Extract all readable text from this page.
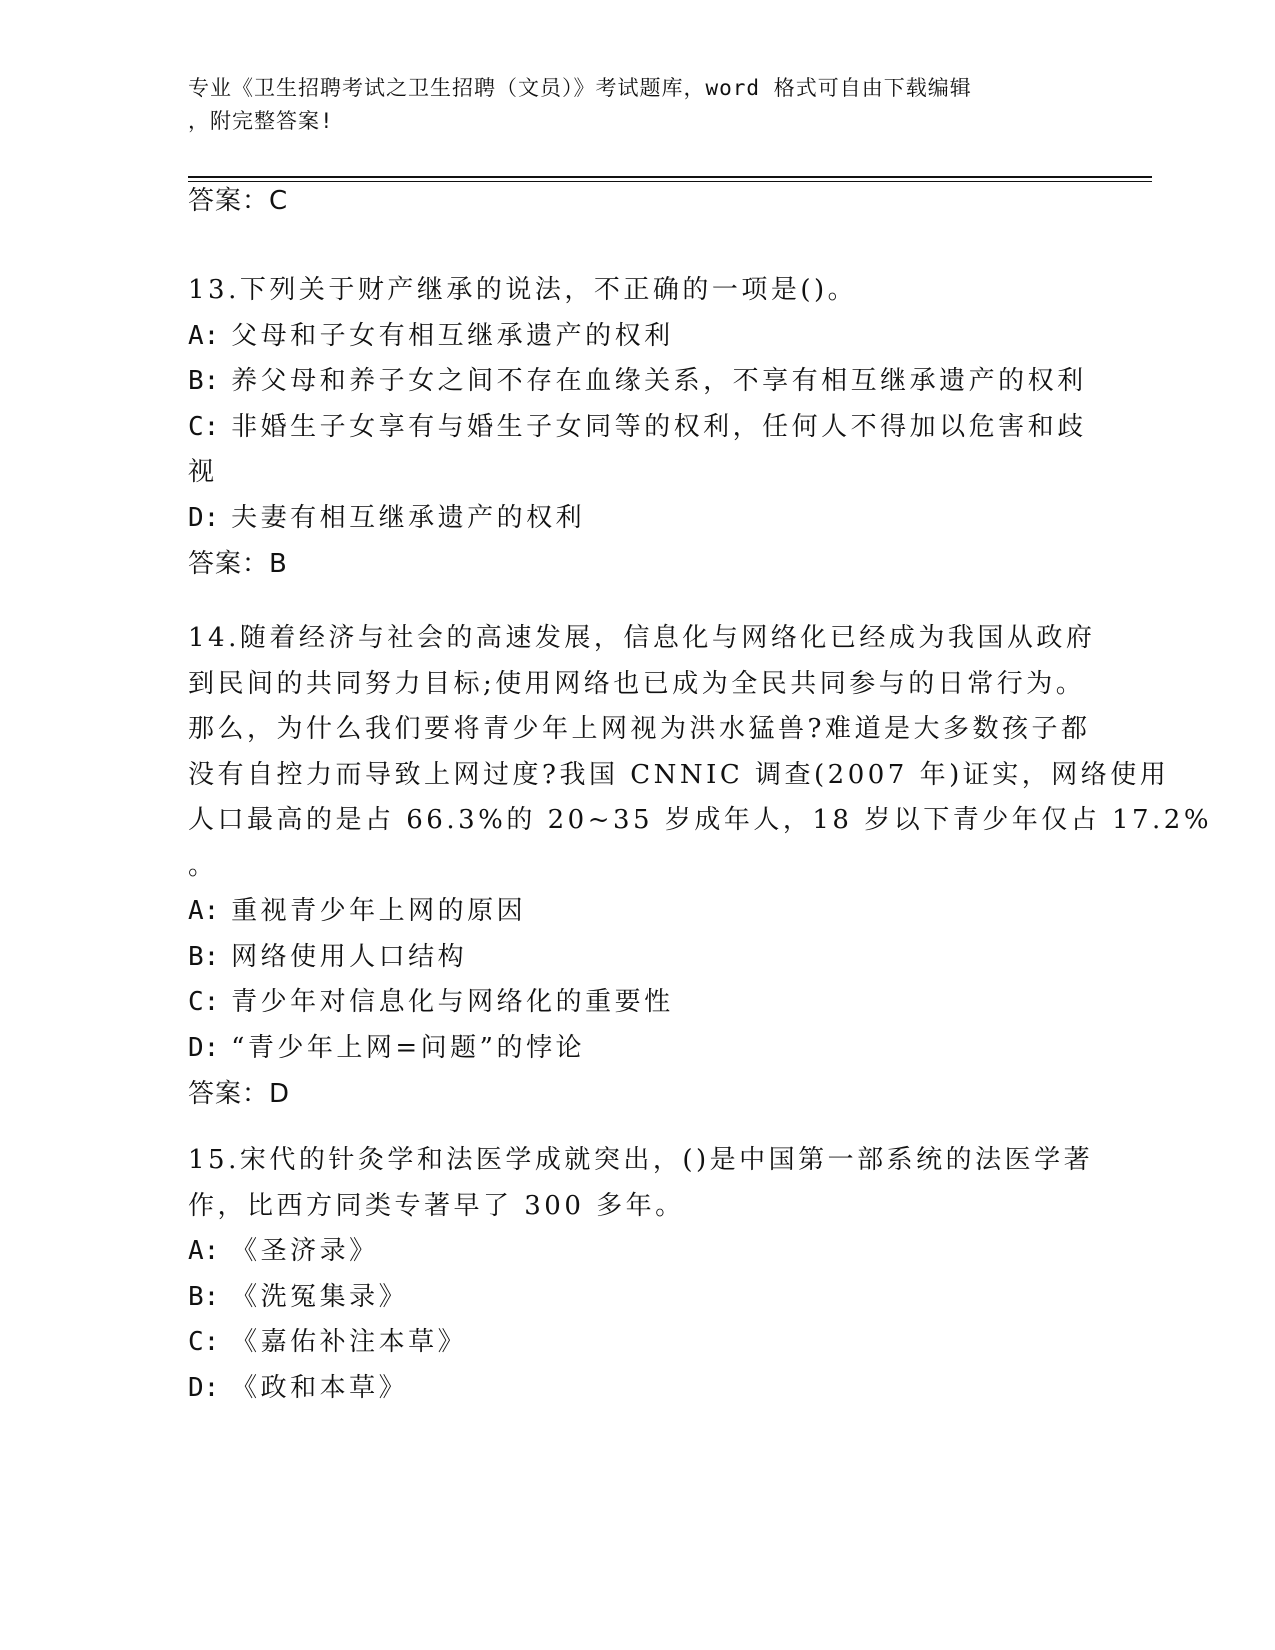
专业《卫生招聘考试之卫生招聘（文员）》考试题库，word 格式可自由下载编辑
，附完整答案!
答案：C
13.下列关于财产继承的说法，不正确的一项是()。
A: 父母和子女有相互继承遗产的权利
B: 养父母和养子女之间不存在血缘关系，不享有相互继承遗产的权利
C: 非婚生子女享有与婚生子女同等的权利，任何人不得加以危害和歧
视
D: 夫妻有相互继承遗产的权利
答案：B
14.随着经济与社会的高速发展，信息化与网络化已经成为我国从政府
到民间的共同努力目标;使用网络也已成为全民共同参与的日常行为。
那么，为什么我们要将青少年上网视为洪水猛兽?难道是大多数孩子都
没有自控力而导致上网过度?我国 CNNIC 调查(2007 年)证实，网络使用
人口最高的是占 66.3%的 20~35 岁成年人，18 岁以下青少年仅占 17.2%
。
A: 重视青少年上网的原因
B: 网络使用人口结构
C: 青少年对信息化与网络化的重要性
D: “青少年上网=问题”的悖论
答案：D
15.宋代的针灸学和法医学成就突出，()是中国第一部系统的法医学著
作，比西方同类专著早了 300 多年。
A: 《圣济录》
B: 《洗冤集录》
C: 《嘉佑补注本草》
D: 《政和本草》
